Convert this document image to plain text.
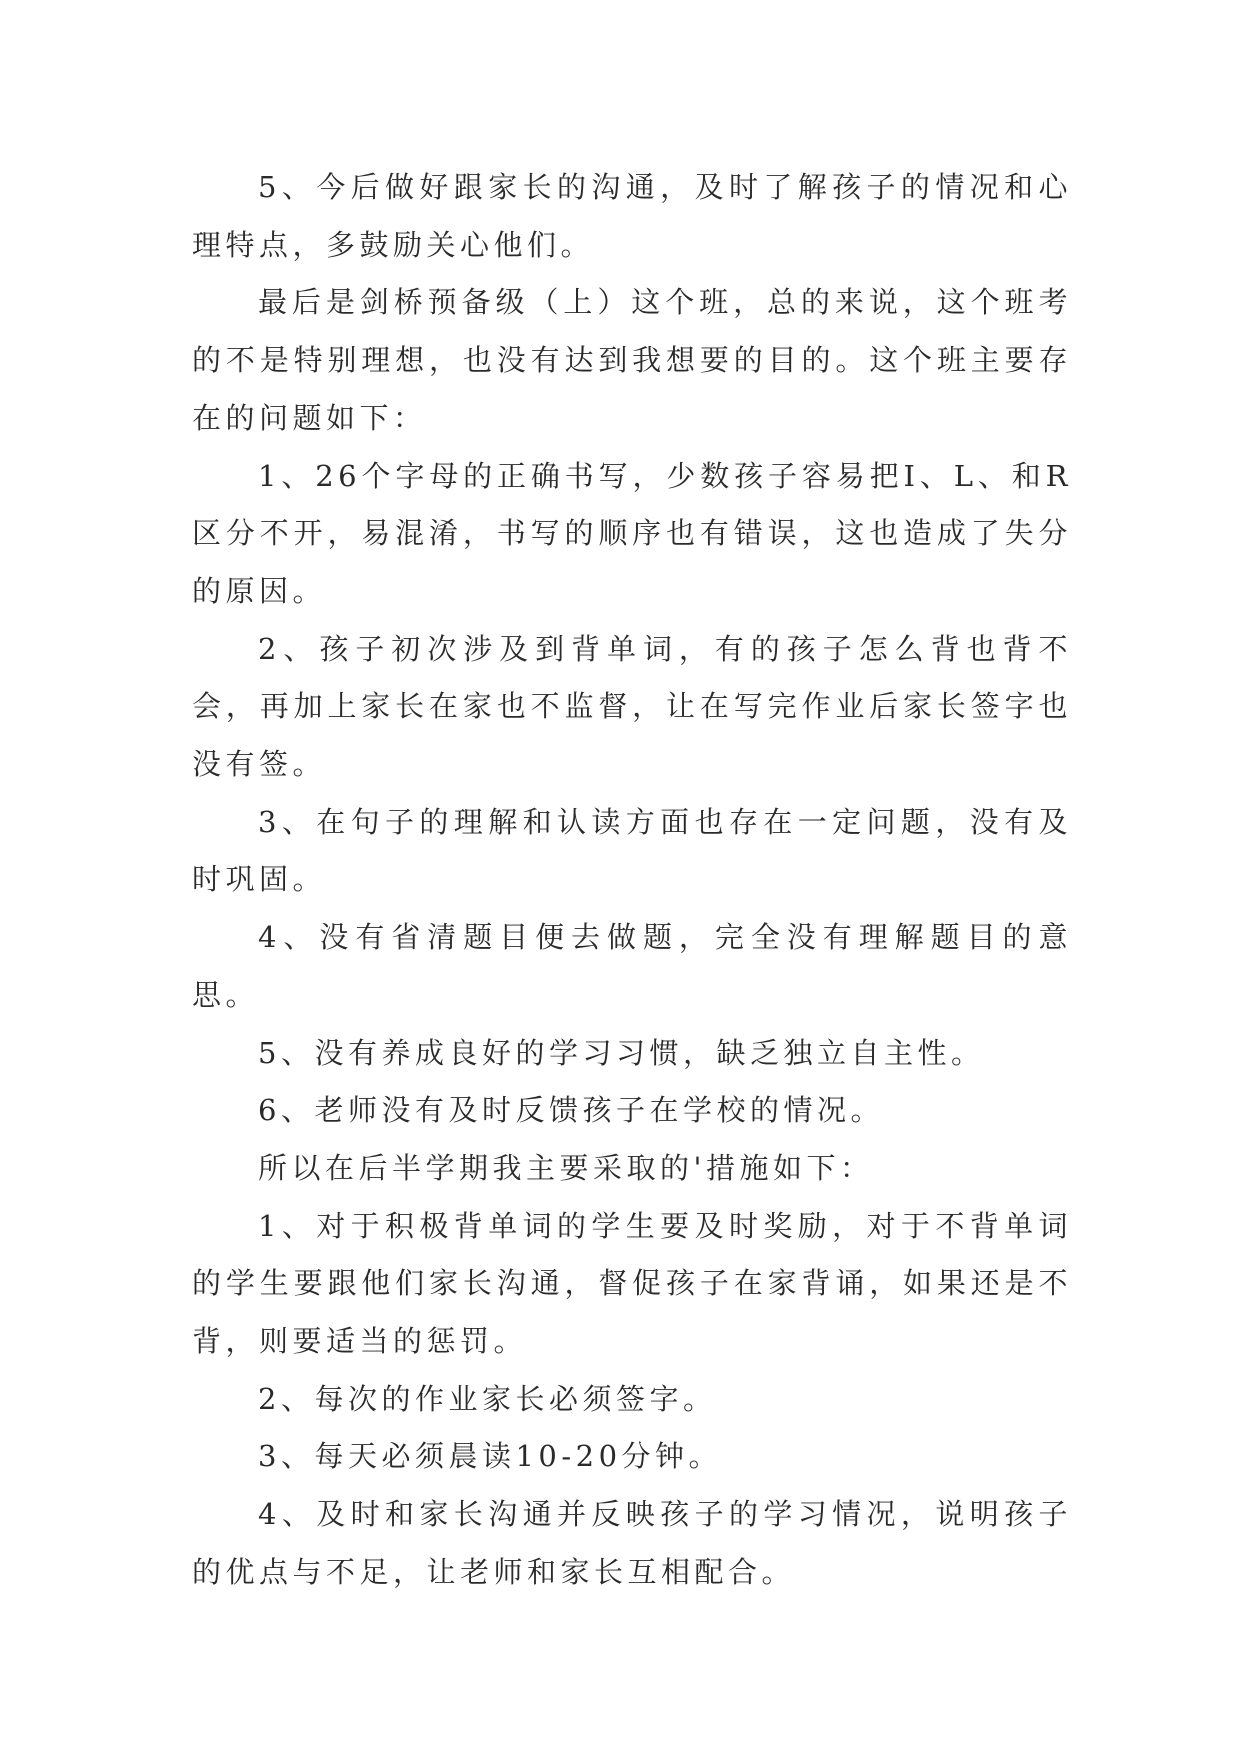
5、今后做好跟家长的沟通，及时了解孩子的情况和心理特点，多鼓励关心他们。

最后是剑桥预备级（上）这个班，总的来说，这个班考的不是特别理想，也没有达到我想要的目的。这个班主要存在的问题如下：

1、26个字母的正确书写，少数孩子容易把I、L、和R区分不开，易混淆，书写的顺序也有错误，这也造成了失分的原因。

2、孩子初次涉及到背单词，有的孩子怎么背也背不会，再加上家长在家也不监督，让在写完作业后家长签字也没有签。

3、在句子的理解和认读方面也存在一定问题，没有及时巩固。

4、没有省清题目便去做题，完全没有理解题目的意思。

5、没有养成良好的学习习惯，缺乏独立自主性。

6、老师没有及时反馈孩子在学校的情况。

所以在后半学期我主要采取的'措施如下：

1、对于积极背单词的学生要及时奖励，对于不背单词的学生要跟他们家长沟通，督促孩子在家背诵，如果还是不背，则要适当的惩罚。

2、每次的作业家长必须签字。

3、每天必须晨读10-20分钟。

4、及时和家长沟通并反映孩子的学习情况，说明孩子的优点与不足，让老师和家长互相配合。
